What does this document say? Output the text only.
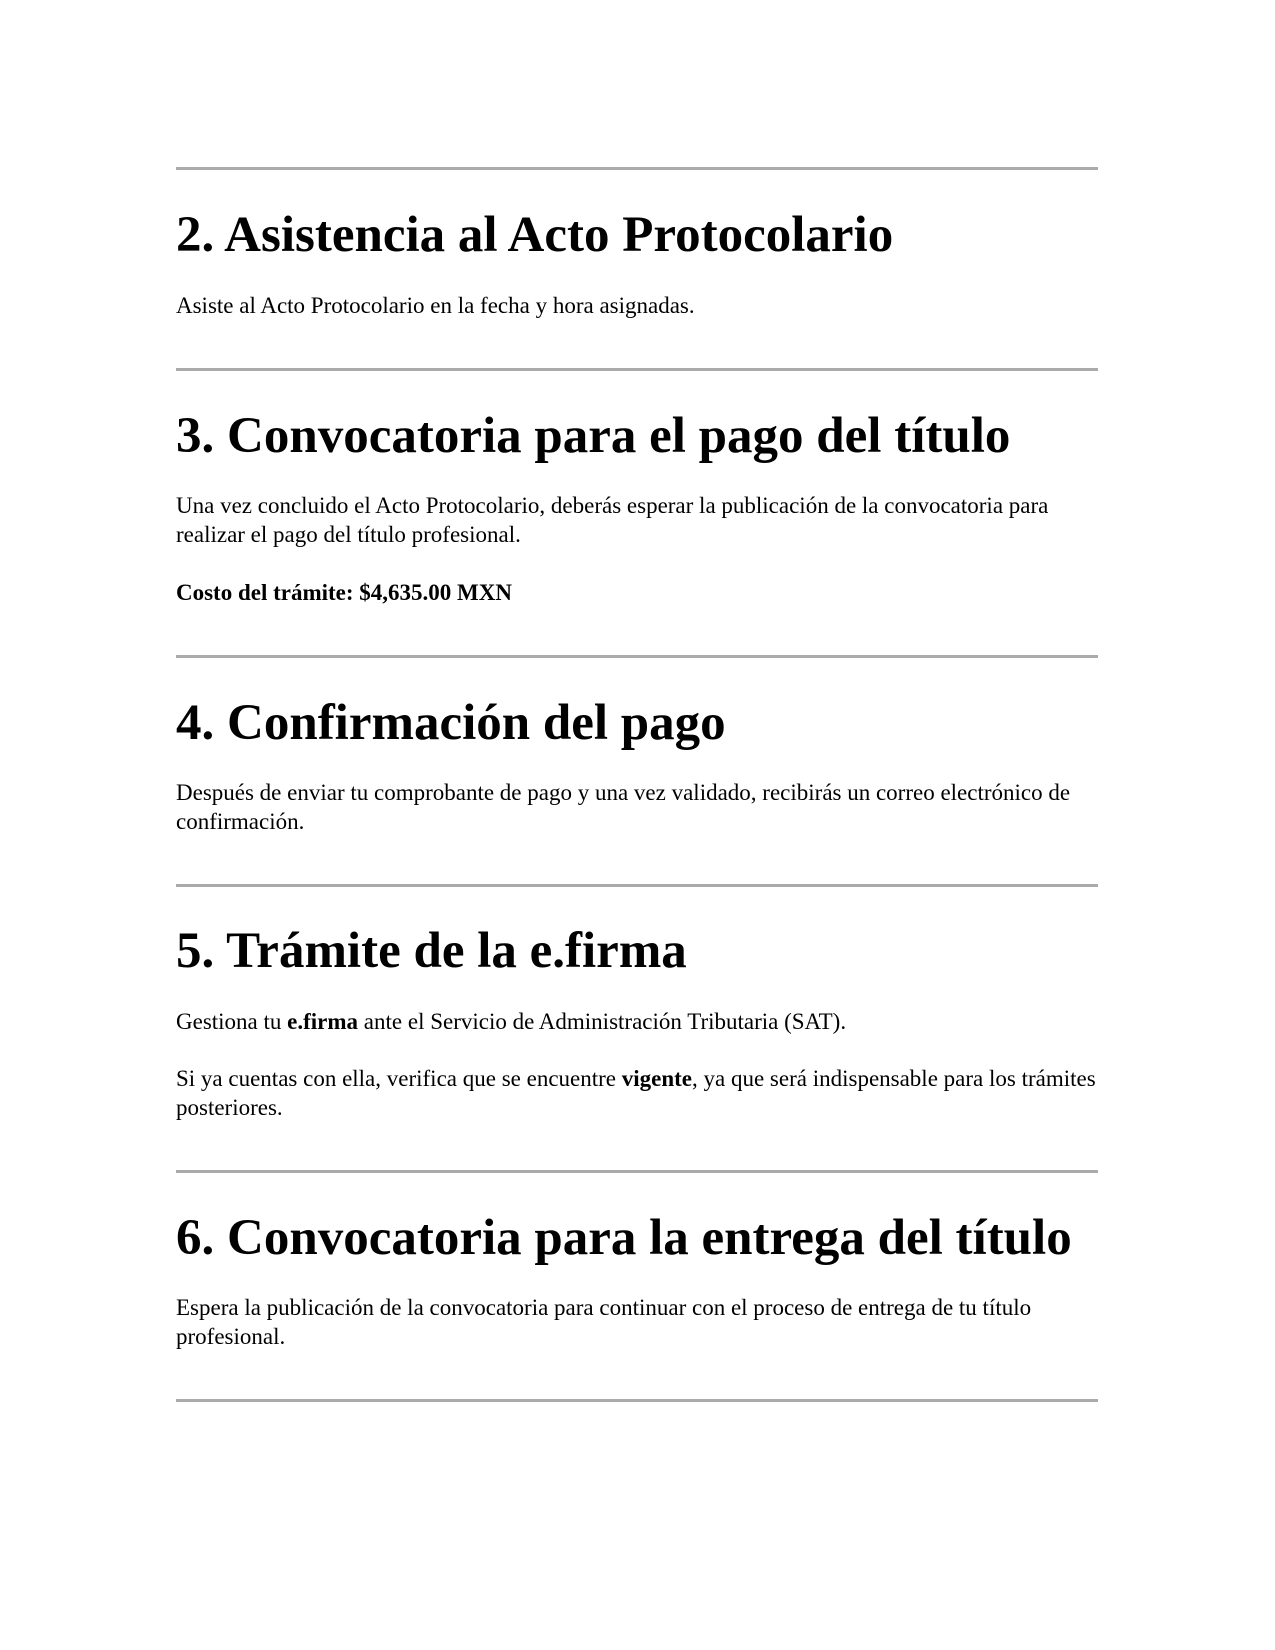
2. Asistencia al Acto Protocolario

Asiste al Acto Protocolario en la fecha y hora asignadas.

3. Convocatoria para el pago del título

Una vez concluido el Acto Protocolario, deberás esperar la publicación de la convocatoria para realizar el pago del título profesional.

Costo del trámite: $4,635.00 MXN

4. Confirmación del pago

Después de enviar tu comprobante de pago y una vez validado, recibirás un correo electrónico de confirmación.

5. Trámite de la e.firma

Gestiona tu e.firma ante el Servicio de Administración Tributaria (SAT).

Si ya cuentas con ella, verifica que se encuentre vigente, ya que será indispensable para los trámites posteriores.

6. Convocatoria para la entrega del título

Espera la publicación de la convocatoria para continuar con el proceso de entrega de tu título profesional.
